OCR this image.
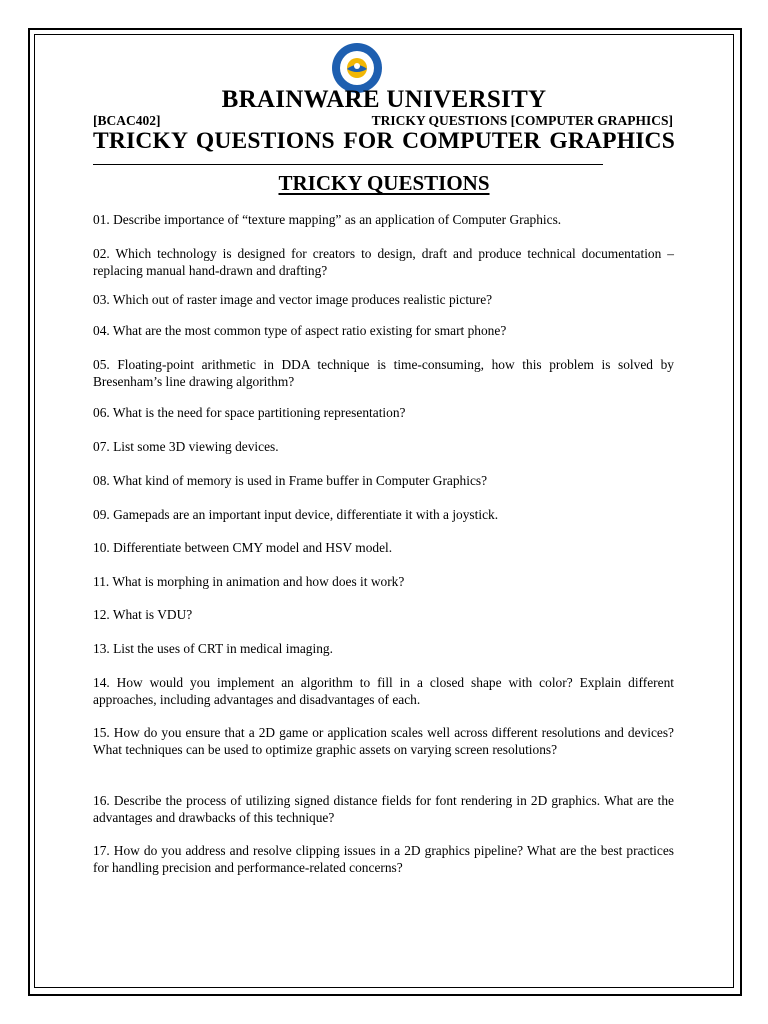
BRAINWARE UNIVERSITY
[BCAC402]	TRICKY QUESTIONS [COMPUTER GRAPHICS]
TRICKY QUESTIONS FOR COMPUTER GRAPHICS
TRICKY QUESTIONS
01. Describe importance of “texture mapping” as an application of Computer Graphics.
02. Which technology is designed for creators to design, draft and produce technical documentation – replacing manual hand-drawn and drafting?
03. Which out of raster image and vector image produces realistic picture?
04. What are the most common type of aspect ratio existing for smart phone?
05. Floating-point arithmetic in DDA technique is time-consuming, how this problem is solved by Bresenham’s line drawing algorithm?
06. What is the need for space partitioning representation?
07. List some 3D viewing devices.
08. What kind of memory is used in Frame buffer in Computer Graphics?
09. Gamepads are an important input device, differentiate it with a joystick.
10. Differentiate between CMY model and HSV model.
11. What is morphing in animation and how does it work?
12. What is VDU?
13. List the uses of CRT in medical imaging.
14. How would you implement an algorithm to fill in a closed shape with color? Explain different approaches, including advantages and disadvantages of each.
15. How do you ensure that a 2D game or application scales well across different resolutions and devices? What techniques can be used to optimize graphic assets on varying screen resolutions?
16. Describe the process of utilizing signed distance fields for font rendering in 2D graphics. What are the advantages and drawbacks of this technique?
17. How do you address and resolve clipping issues in a 2D graphics pipeline? What are the best practices for handling precision and performance-related concerns?
